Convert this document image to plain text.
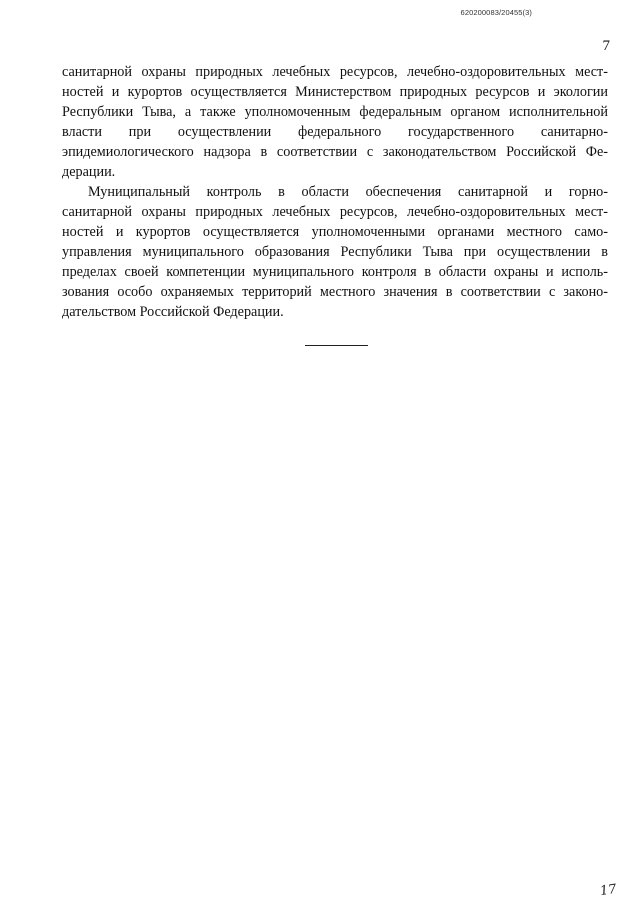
620200083/20455(3)
7
санитарной охраны природных лечебных ресурсов, лечебно-оздоровительных мест-
ностей и курортов осуществляется Министерством природных ресурсов и экологии
Республики Тыва, а также уполномоченным федеральным органом исполнительной
власти при осуществлении федерального государственного санитарно-
эпидемиологического надзора в соответствии с законодательством Российской Фе-
дерации.
Муниципальный контроль в области обеспечения санитарной и горно-
санитарной охраны природных лечебных ресурсов, лечебно-оздоровительных мест-
ностей и курортов осуществляется уполномоченными органами местного само-
управления муниципального образования Республики Тыва при осуществлении в
пределах своей компетенции муниципального контроля в области охраны и исполь-
зования особо охраняемых территорий местного значения в соответствии с законо-
дательством Российской Федерации.
17
